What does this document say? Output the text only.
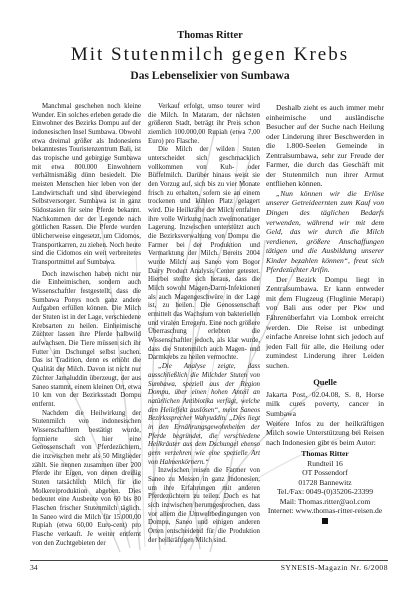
Thomas Ritter
Mit Stutenmilch gegen Krebs
Das Lebenselixier von Sumbawa

Manchmal geschehen noch kleine Wunder. Ein solches erleben gerade die Einwohner des Bezirks Dompu auf der indonesischen Insel Sumbawa. Obwohl etwa dreimal größer als Indonesiens bekanntestes Touristenzentrum Bali, ist das tropische und gebirgige Sumbawa mit etwa 800.000 Einwohnern verhältnismäßig dünn besiedelt. Die meisten Menschen hier leben von der Landwirtschaft und sind überwiegend Selbstversorger. Sumbawa ist in ganz Südostasien für seine Pferde bekannt. Nachkommen der der Legende nach göttlichen Rassen. Die Pferde wurden üblicherweise eingesetzt, um Cidomos, Transportkarren, zu ziehen. Noch heute sind die Cidomos ein weit verbreitetes Transportmittel auf Sumbawa.

Doch inzwischen haben nicht nur die Einheimischen, sondern auch Wissenschaftler festgestellt, dass die Sumbawa Ponys noch ganz andere Aufgaben erfüllen können. Die Milch der Stuten ist in der Lage, verschiedene Krebsarten zu heilen. Einheimische Züchter lassen ihre Pferde halbwild aufwachsen. Die Tiere müssen sich ihr Futter im Dschungel selbst suchen. Das ist Tradition, denn es erhöht die Qualität der Milch. Davon ist nicht nur Züchter Jamaluddin überzeugt, der aus Saneo stammt, einem kleinen Ort, etwa 10 km von der Bezirksstadt Dompu entfernt.

Nachdem die Heilwirkung der Stutenmilch von indonesischen Wissenschaftlern bestätigt wurde, formierte sich hier eine Genossenschaft von Pferdezüchtern, die inzwischen mehr als 50 Mitglieder zählt. Sie nennen zusammen über 200 Pferde ihr Eigen, von denen dreißig Stuten tatsächlich Milch für die Molkereiproduktion abgeben. Dies bedeutet eine Ausbeute von 60 bis 80 Flaschen frischer Stutenmilch täglich. In Saneo wird die Milch für 15.000,00 Rupiah (etwa 60,00 Euro-cent) pro Flasche verkauft. Je weiter entfernt von den Zuchtgebieten der

Verkauf erfolgt, umso teurer wird die Milch. In Mataram, der nächsten größeren Stadt, beträgt ihr Preis schon ziemlich 100.000,00 Rupiah (etwa 7,00 Euro) pro Flasche.

Die Milch der wilden Stuten unterscheidet sich geschmacklich vollkommen von Kuh- oder Büffelmilch. Darüber hinaus weist sie den Vorzug auf, sich bis zu vier Monate frisch zu erhalten, sofern sie an einem trockenen und kühlen Platz gelagert wird. Die Heilkräfte der Milch entfalten ihre volle Wirkung nach zweimonatiger Lagerung. Inzwischen unterstützt auch die Bezirksverwaltung von Dompu die Farmer bei der Produktion und Vermarktung der Milch. Bereits 2004 wurde Milch aus Saneo vom Bogor Dairy Product Analysis Center getestet. Hierbei stellte sich heraus, dass die Milch sowohl Magen-Darm-Infektionen als auch Magengeschwüre in der Lage ist, zu heilen. Die Genossenschaft ermittelt das Wachstum von bakteriellen und viralen Erregern. Eine noch größere Überraschung erlebten die Wissenschaftler jedoch, als klar wurde, dass die Stutenmilch auch Magen- und Darmkrebs zu heilen vermochte.

„Die Analyse zeigte, dass ausschließlich die Milchder Stuten von Sumbawa, speziell aus der Region Dompu, über einen hohen Anteil an natürlichen Antibiotika verfügt, welche den Heileffekt auslösen“, meint Saneos Bezirkssprecher Wahyuddin. „Dies liegt in den Ernährungsgewohnheiten der Pferde begründet, die verschiedene Heilkräuter aus dem Dschungel ebenso gern verzehren wie eine spezielle Art von Halmenkörnern.“

Inzwischen reisen die Farmer von Saneo zu Messen in ganz Indonesien, um ihre Erfahrungen mit anderen Pferdezüchtern zu teilen. Doch es hat sich inzwischen herumgesprochen, dass vor allem die Umweltbedingungen von Dompu, Saneo und einigen anderen Orten entscheidend für die Produktion der heilkräftigen Milch sind.

Deshalb zieht es auch immer mehr einheimische und ausländische Besucher auf der Suche nach Heilung oder Linderung ihrer Beschwerden in die 1.800-Seelen Gemeinde in Zentralsumbawa, sehr zur Freude der Farmer, die durch das Geschäft mit der Stutenmilch nun ihrer Armut entfliehen können.

„Nun können wir die Erlöse unserer Getreideernten zum Kauf von Dingen des täglichen Bedarfs verwenden, während wir mit dem Geld, das wir durch die Milch verdienen, größere Anschaffungen tätigen und die Ausbildung unserer Kinder bezahlen können“, freut sich Pferdezüchter Arifin.

Der Bezirk Dompu liegt in Zentralsumbawa. Er kann entweder mit dem Flugzeug (Fluglinie Merapi) von Bali aus oder per Pkw und Fährenüberfahrt via Lombok erreicht werden. Die Reise ist unbedingt einfache Anreise lohnt sich jedoch auf jeden Fall für alle, die Heilung oder zumindest Linderung ihrer Leiden suchen.

Quelle

Jakarta Post, 02.04.08, S. 8, Horse milk cures poverty, cancer in Sumbawa

Weitere Infos zu der heilkräftigen Milch sowie Unterstützung bei Reisen nach Indonesien gibt es beim Autor:

Thomas Ritter
Rundteil 16
OT Possendorf
01728 Bannewitz
Tel./Fax: 0049-(0)35206-23399
Mail: Thomas.ritter@aol.com
Internet: www.thomas-ritter-reisen.de
34	SYNESIS-Magazin Nr. 6/2008
